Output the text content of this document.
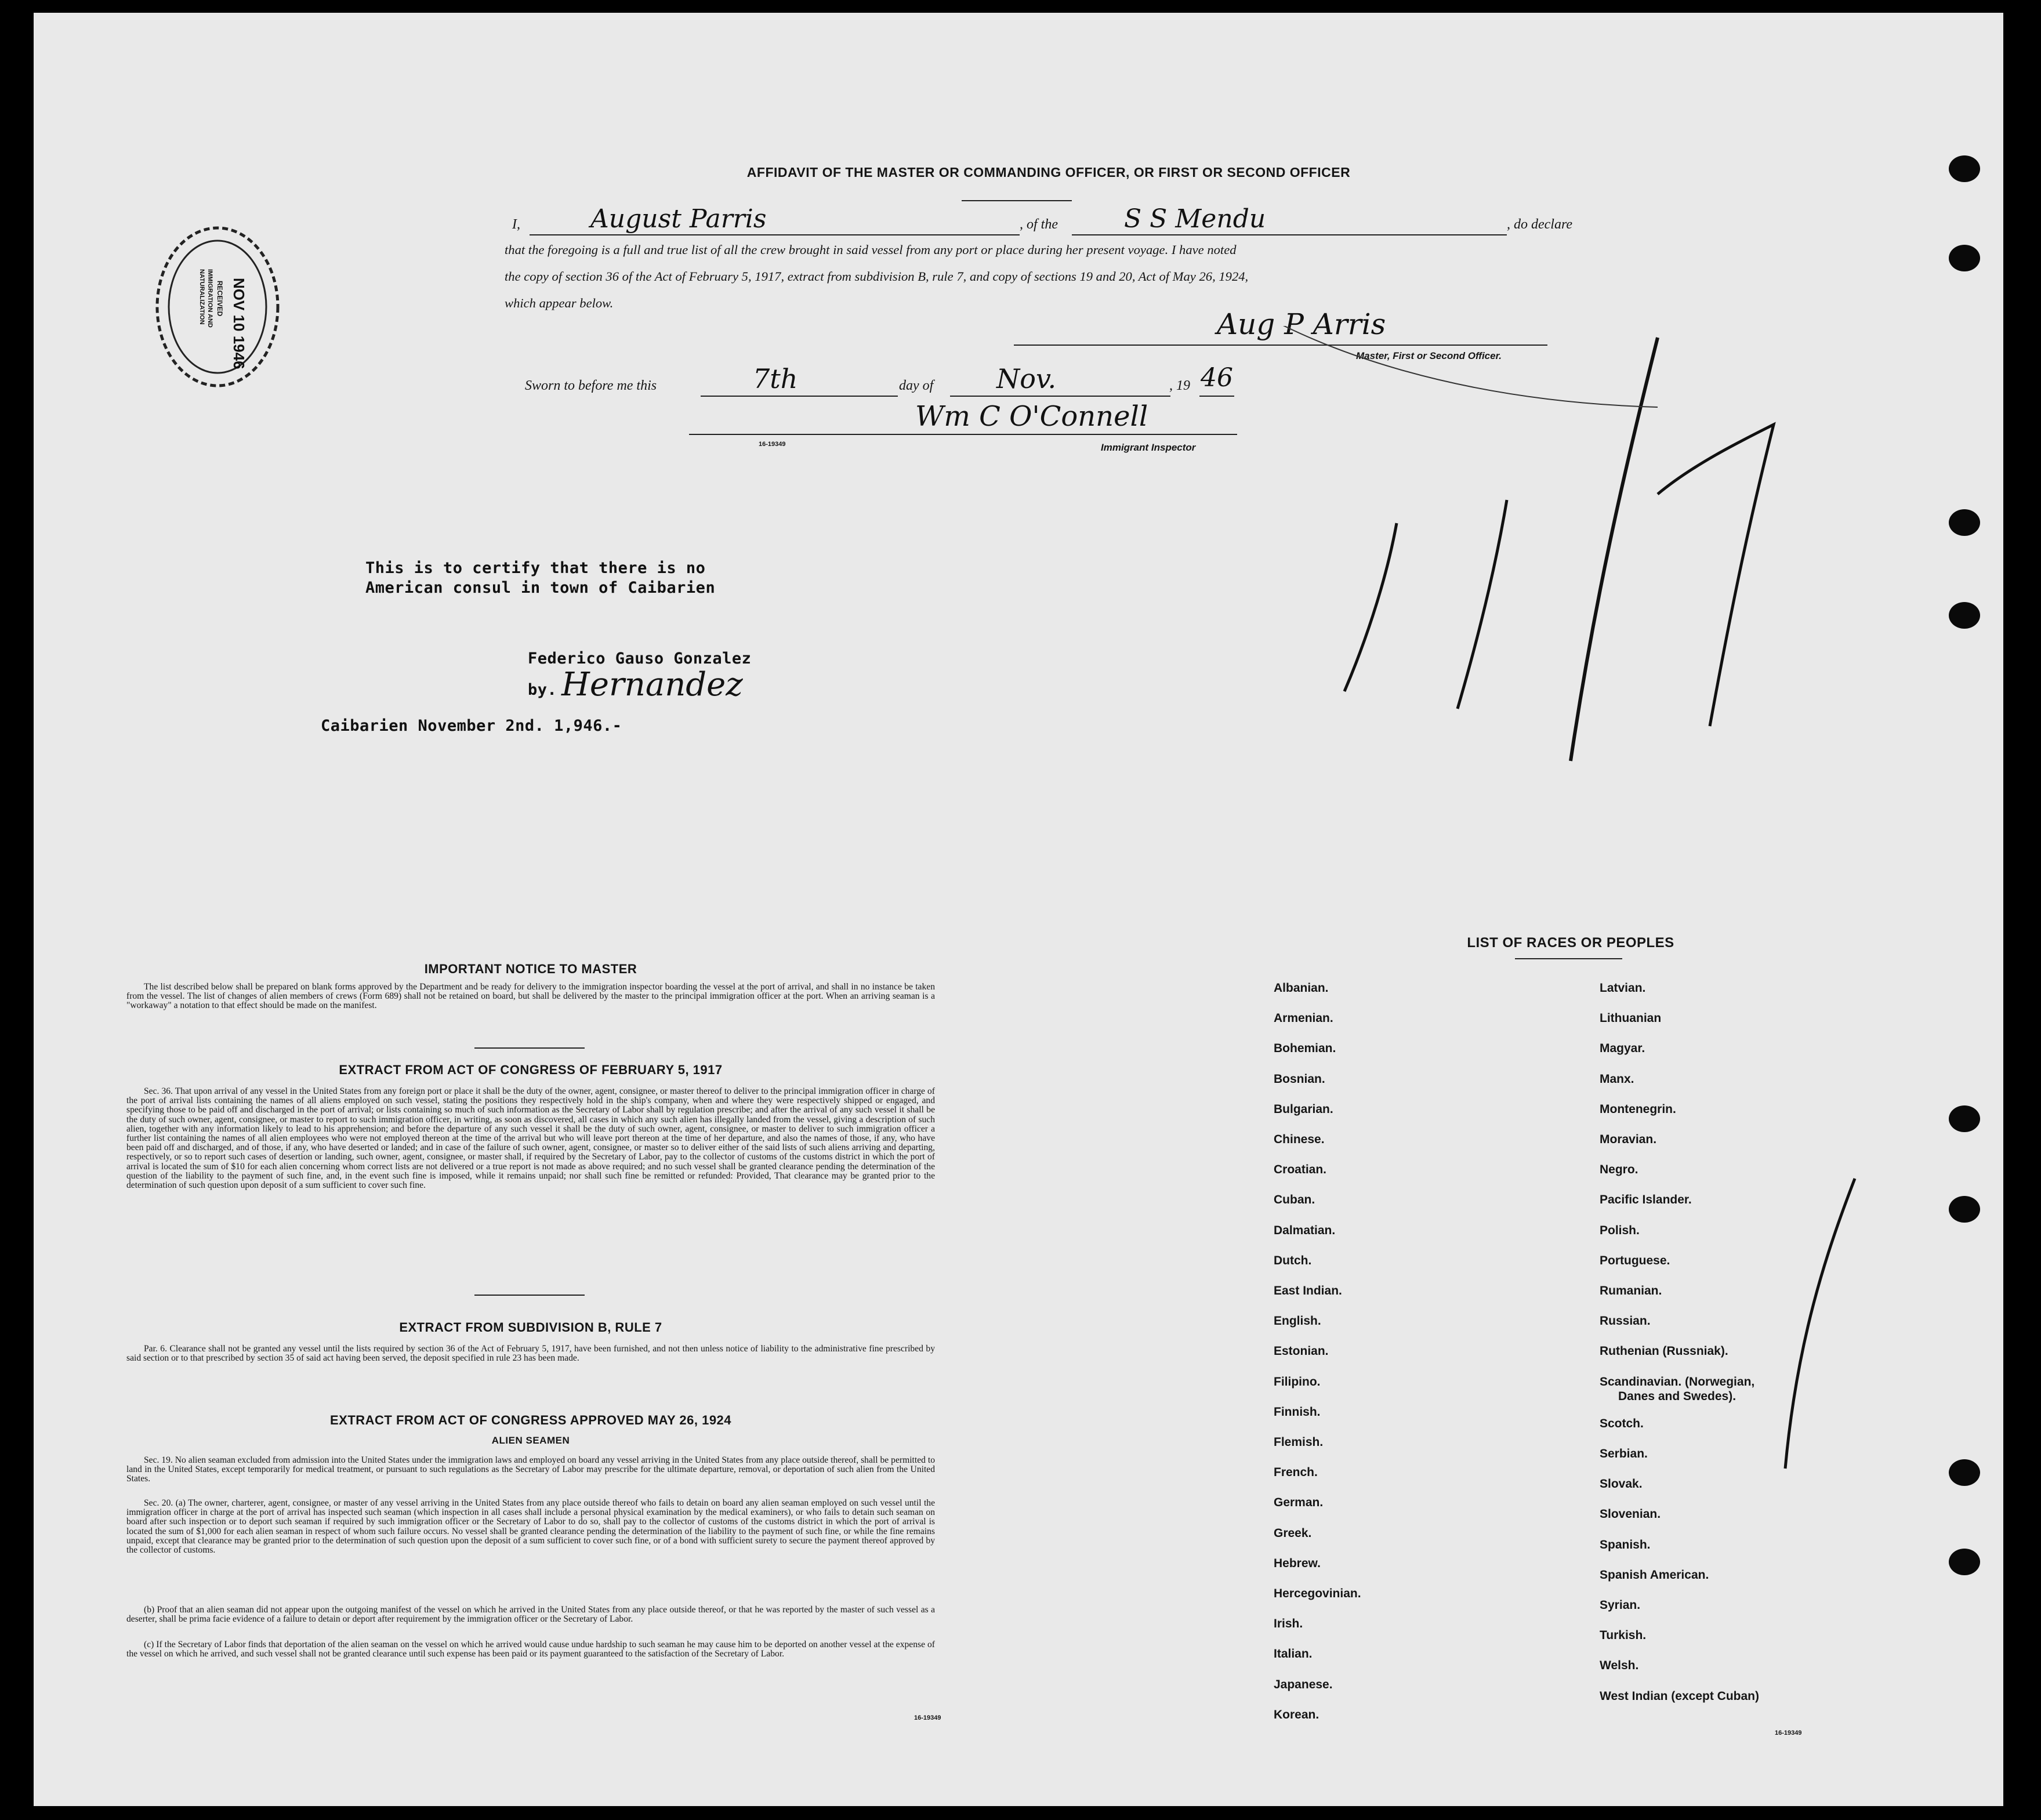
NOV 10 1946
RECEIVED
IMMIGRATION AND
NATURALIZATION
AFFIDAVIT OF THE MASTER OR COMMANDING OFFICER, OR FIRST OR SECOND OFFICER
I,	August Parris	, of the	S S Mendu	, do declare
that the foregoing is a full and true list of all the crew brought in said vessel from any port or place during her present voyage. I have noted
the copy of section 36 of the Act of February 5, 1917, extract from subdivision B, rule 7, and copy of sections 19 and 20, Act of May 26, 1924,
which appear below.
Aug P Arris
Master, First or Second Officer.
Sworn to before me this	7th	day of Nov.	, 19 46
Wm C O'Connell
16-19349	Immigrant Inspector
This is to certify that there is no
American consul in town of Caibarien
Federico Gauso Gonzalez
by. Hernandez
Caibarien November 2nd. 1,946.-
IMPORTANT NOTICE TO MASTER
The list described below shall be prepared on blank forms approved by the Department and be ready for delivery to the immigration inspector boarding the vessel at the port of arrival, and shall in no instance be taken from the vessel. The list of changes of alien members of crews (Form 689) shall not be retained on board, but shall be delivered by the master to the principal immigration officer at the port. When an arriving seaman is a "workaway" a notation to that effect should be made on the manifest.
EXTRACT FROM ACT OF CONGRESS OF FEBRUARY 5, 1917
Sec. 36. That upon arrival of any vessel in the United States from any foreign port or place it shall be the duty of the owner, agent, consignee, or master thereof to deliver to the principal immigration officer in charge of the port of arrival lists containing the names of all aliens employed on such vessel, stating the positions they respectively hold in the ship's company, when and where they were respectively shipped or engaged, and specifying those to be paid off and discharged in the port of arrival; or lists containing so much of such information as the Secretary of Labor shall by regulation prescribe; and after the arrival of any such vessel it shall be the duty of such owner, agent, consignee, or master to report to such immigration officer, in writing, as soon as discovered, all cases in which any such alien has illegally landed from the vessel, giving a description of such alien, together with any information likely to lead to his apprehension; and before the departure of any such vessel it shall be the duty of such owner, agent, consignee, or master to deliver to such immigration officer a further list containing the names of all alien employees who were not employed thereon at the time of the arrival but who will leave port thereon at the time of her departure, and also the names of those, if any, who have been paid off and discharged, and of those, if any, who have deserted or landed; and in case of the failure of such owner, agent, consignee, or master so to deliver either of the said lists of such aliens arriving and departing, respectively, or so to report such cases of desertion or landing, such owner, agent, consignee, or master shall, if required by the Secretary of Labor, pay to the collector of customs of the customs district in which the port of arrival is located the sum of $10 for each alien concerning whom correct lists are not delivered or a true report is not made as above required; and no such vessel shall be granted clearance pending the determination of the question of the liability to the payment of such fine, and, in the event such fine is imposed, while it remains unpaid; nor shall such fine be remitted or refunded: Provided, That clearance may be granted prior to the determination of such question upon deposit of a sum sufficient to cover such fine.
EXTRACT FROM SUBDIVISION B, RULE 7
Par. 6. Clearance shall not be granted any vessel until the lists required by section 36 of the Act of February 5, 1917, have been furnished, and not then unless notice of liability to the administrative fine prescribed by said section or to that prescribed by section 35 of said act having been served, the deposit specified in rule 23 has been made.
EXTRACT FROM ACT OF CONGRESS APPROVED MAY 26, 1924
ALIEN SEAMEN
Sec. 19. No alien seaman excluded from admission into the United States under the immigration laws and employed on board any vessel arriving in the United States from any place outside thereof, shall be permitted to land in the United States, except temporarily for medical treatment, or pursuant to such regulations as the Secretary of Labor may prescribe for the ultimate departure, removal, or deportation of such alien from the United States.
Sec. 20. (a) The owner, charterer, agent, consignee, or master of any vessel arriving in the United States from any place outside thereof who fails to detain on board any alien seaman employed on such vessel until the immigration officer in charge at the port of arrival has inspected such seaman (which inspection in all cases shall include a personal physical examination by the medical examiners), or who fails to detain such seaman on board after such inspection or to deport such seaman if required by such immigration officer or the Secretary of Labor to do so, shall pay to the collector of customs of the customs district in which the port of arrival is located the sum of $1,000 for each alien seaman in respect of whom such failure occurs. No vessel shall be granted clearance pending the determination of the liability to the payment of such fine, or while the fine remains unpaid, except that clearance may be granted prior to the determination of such question upon the deposit of a sum sufficient to cover such fine, or of a bond with sufficient surety to secure the payment thereof approved by the collector of customs.
(b) Proof that an alien seaman did not appear upon the outgoing manifest of the vessel on which he arrived in the United States from any place outside thereof, or that he was reported by the master of such vessel as a deserter, shall be prima facie evidence of a failure to detain or deport after requirement by the immigration officer or the Secretary of Labor.
(c) If the Secretary of Labor finds that deportation of the alien seaman on the vessel on which he arrived would cause undue hardship to such seaman he may cause him to be deported on another vessel at the expense of the vessel on which he arrived, and such vessel shall not be granted clearance until such expense has been paid or its payment guaranteed to the satisfaction of the Secretary of Labor.
16-19349
LIST OF RACES OR PEOPLES
Danes and Swedes).
16-19349
Albanian.
Armenian.
Bohemian.
Bosnian.
Bulgarian.
Chinese.
Croatian.
Cuban.
Dalmatian.
Dutch.
East Indian.
English.
Estonian.
Filipino.
Finnish.
Flemish.
French.
German.
Greek.
Hebrew.
Hercegovinian.
Irish.
Italian.
Japanese.
Korean.
Latvian.
Lithuanian
Magyar.
Manx.
Montenegrin.
Moravian.
Negro.
Pacific Islander.
Polish.
Portuguese.
Rumanian.
Russian.
Ruthenian (Russniak).
Scandinavian. (Norwegian,
Scotch.
Serbian.
Slovak.
Slovenian.
Spanish.
Spanish American.
Syrian.
Turkish.
Welsh.
West Indian (except Cuban)
